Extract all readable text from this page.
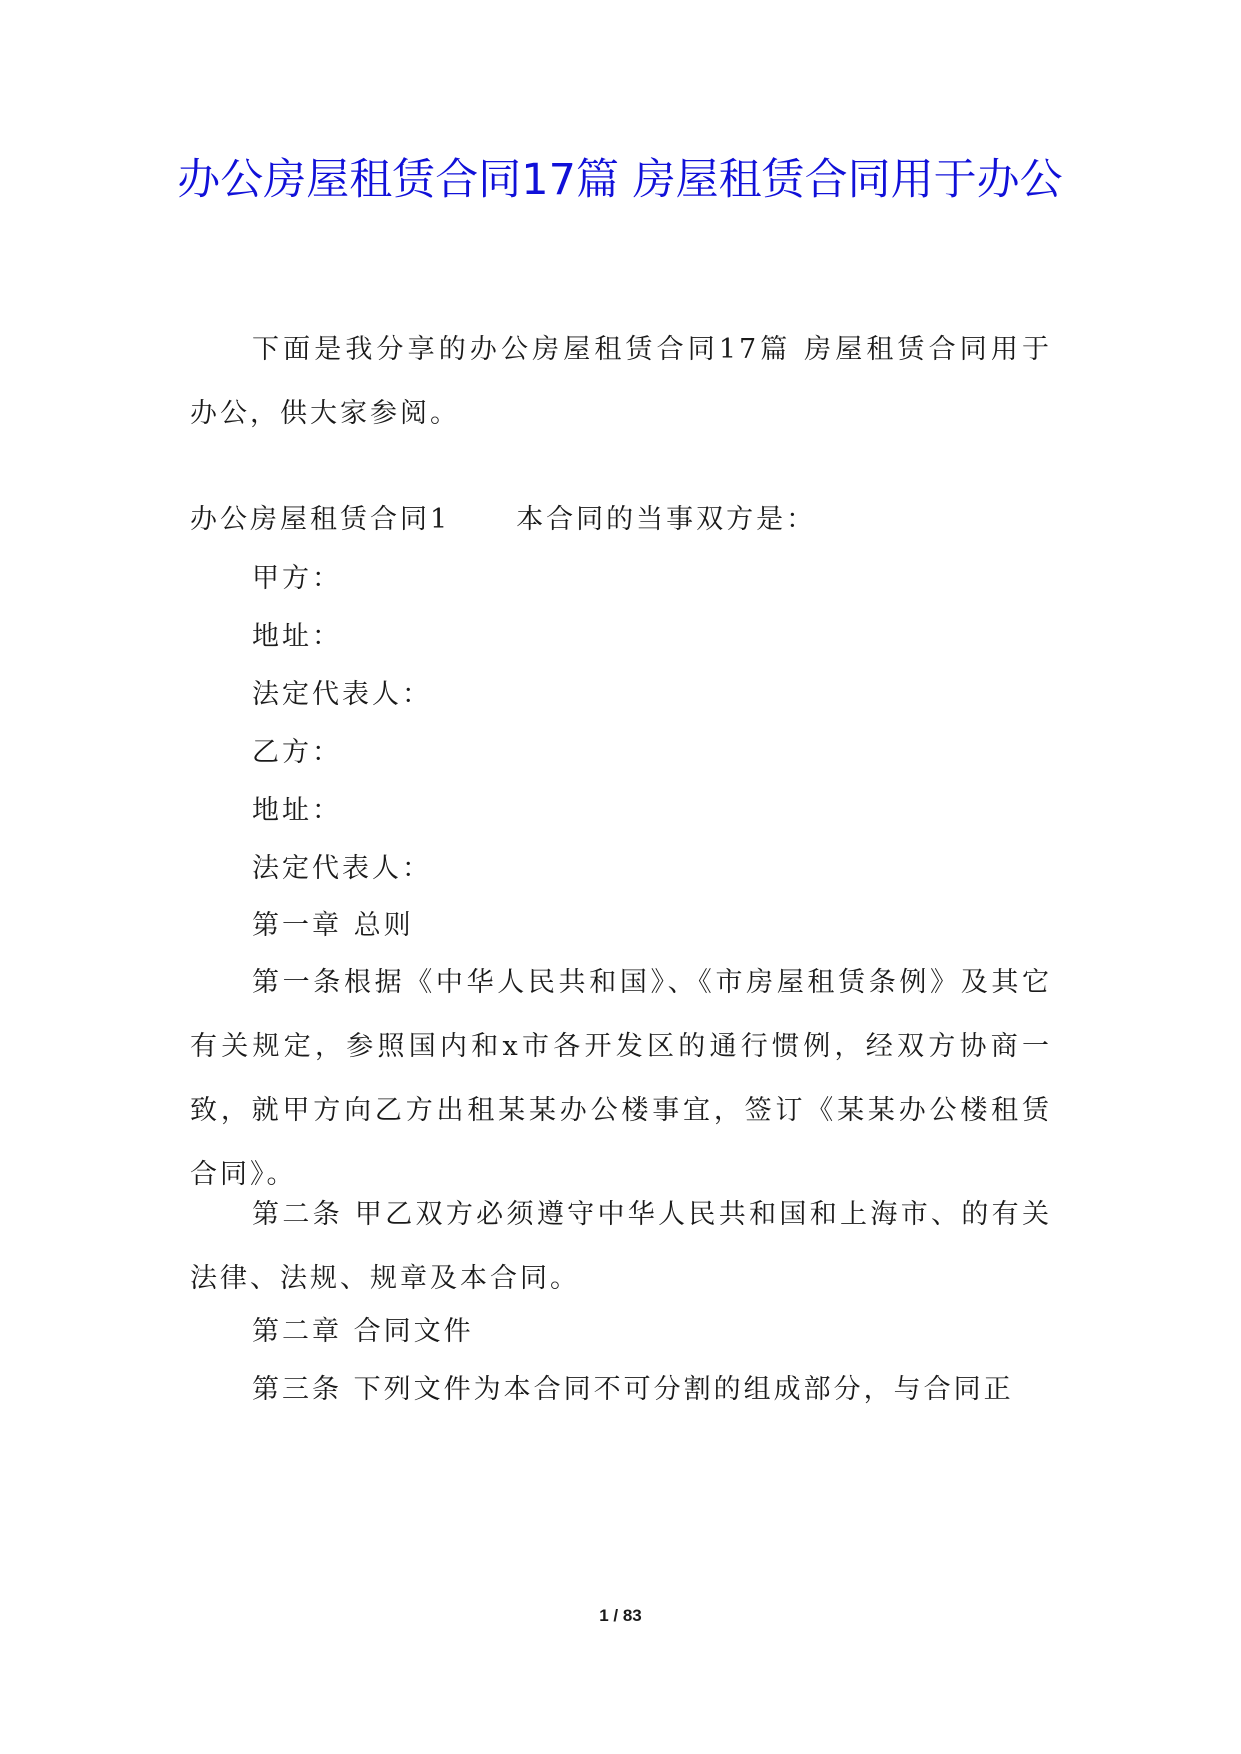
办公房屋租赁合同17篇 房屋租赁合同用于办公

下面是我分享的办公房屋租赁合同17篇 房屋租赁合同用于办公，供大家参阅。

办公房屋租赁合同1 本合同的当事双方是：

甲方：

地址：

法定代表人：

乙方：

地址：

法定代表人：

第一章 总则

第一条根据《中华人民共和国》、《市房屋租赁条例》及其它有关规定，参照国内和x市各开发区的通行惯例，经双方协商一致，就甲方向乙方出租某某办公楼事宜，签订《某某办公楼租赁合同》。

第二条 甲乙双方必须遵守中华人民共和国和上海市、的有关法律、法规、规章及本合同。

第二章 合同文件

第三条 下列文件为本合同不可分割的组成部分，与合同正

1 / 83
